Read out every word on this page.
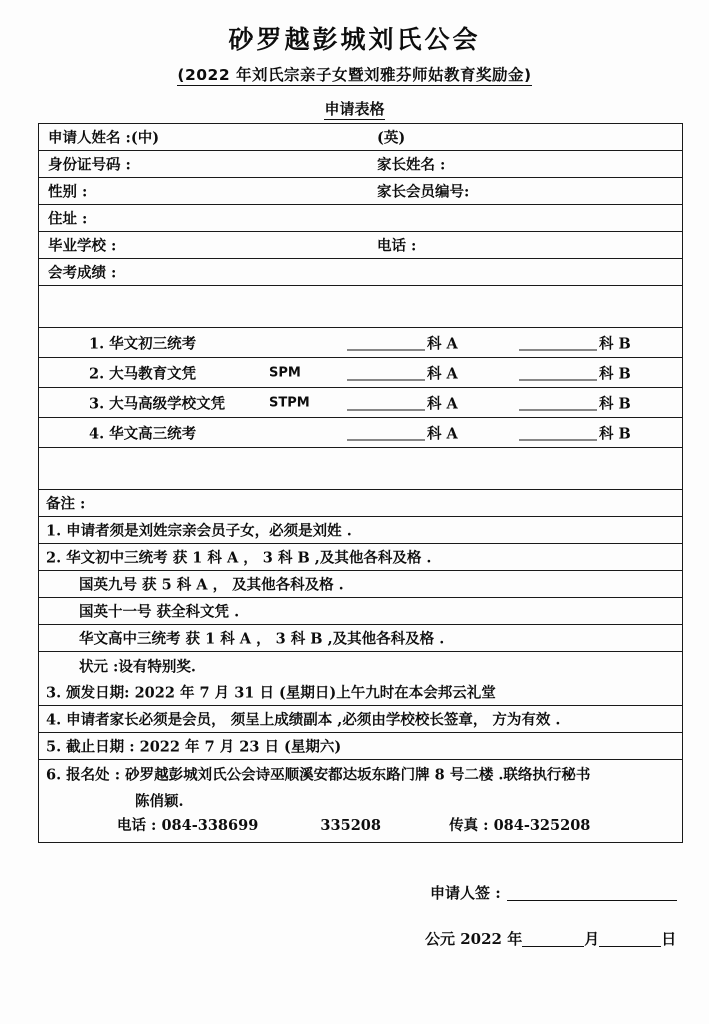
砂罗越彭城刘氏公会
(2022 年刘氏宗亲子女暨刘雅芬师姑教育奖励金)
申请表格
申请人姓名 :(中)	(英)
身份证号码 :	家长姓名 :
性别 :	家长会员编号:
住址 :
毕业学校 :	电话 :
会考成绩 :
1. 华文初三统考	科 A	科 B
2. 大马教育文凭	SPM	科 A	科 B
3. 大马高级学校文凭	STPM	科 A	科 B
4. 华文高三统考	科 A	科 B
备注 :
1. 申请者须是刘姓宗亲会员子女，必须是刘姓 .
2. 华文初中三统考 获 1 科 A ， 3 科 B ,及其他各科及格 .
国英九号 获 5 科 A ， 及其他各科及格 .
国英十一号 获全科文凭 .
华文高中三统考 获 1 科 A ， 3 科 B ,及其他各科及格 .
状元 :设有特别奖.
3. 颁发日期: 2022 年 7 月 31 日 (星期日)上午九时在本会邦云礼堂
4. 申请者家长必须是会员， 须呈上成绩副本 ,必须由学校校长签章， 方为有效 .
5. 截止日期 : 2022 年 7 月 23 日 (星期六)
6. 报名处 : 砂罗越彭城刘氏公会诗巫顺溪安都达坂东路门牌 8 号二楼 .联络执行秘书
陈俏颖.
电话 : 084-338699	335208	传真 : 084-325208
申请人签 :
公元 2022 年	月	日
